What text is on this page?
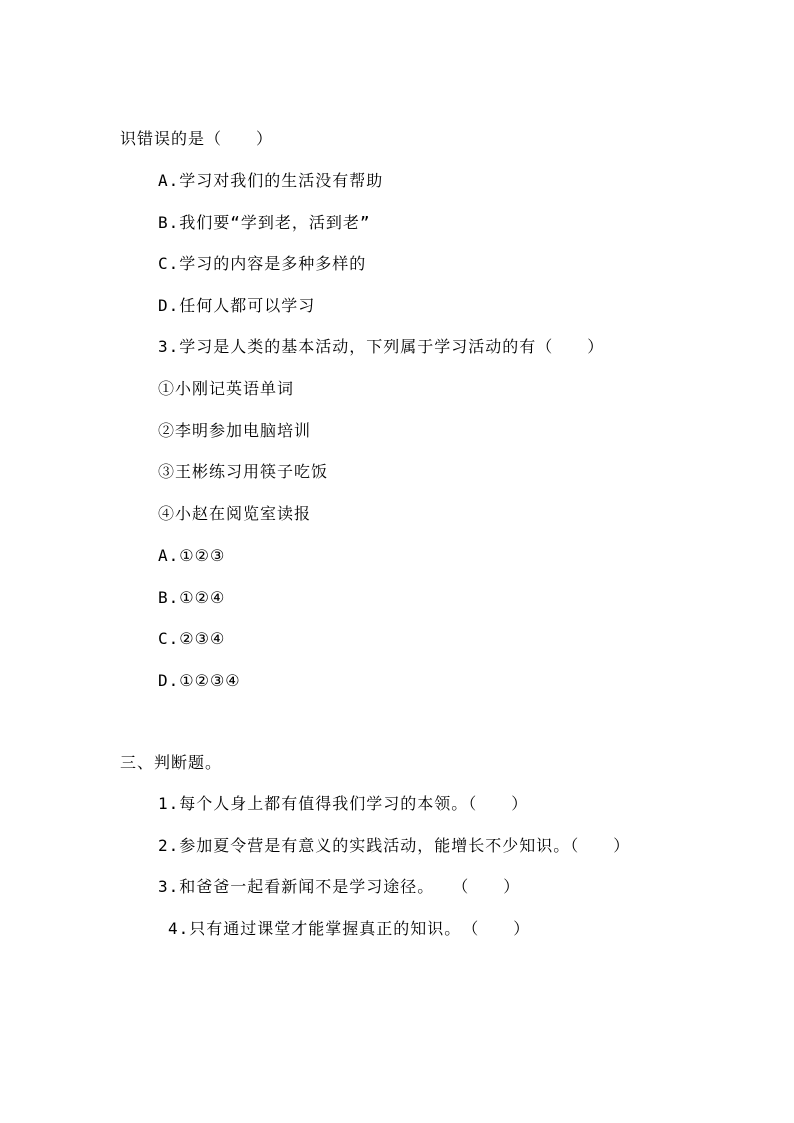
识错误的是（　　）
A.学习对我们的生活没有帮助
B.我们要“学到老，活到老”
C.学习的内容是多种多样的
D.任何人都可以学习
3.学习是人类的基本活动，下列属于学习活动的有（　　）
①小刚记英语单词
②李明参加电脑培训
③王彬练习用筷子吃饭
④小赵在阅览室读报
A.①②③
B.①②④
C.②③④
D.①②③④
三、判断题。
1.每个人身上都有值得我们学习的本领。（　　）
2.参加夏令营是有意义的实践活动，能增长不少知识。（　　）
3.和爸爸一起看新闻不是学习途径。　　（　　）
4.只有通过课堂才能掌握真正的知识。　（　　）
